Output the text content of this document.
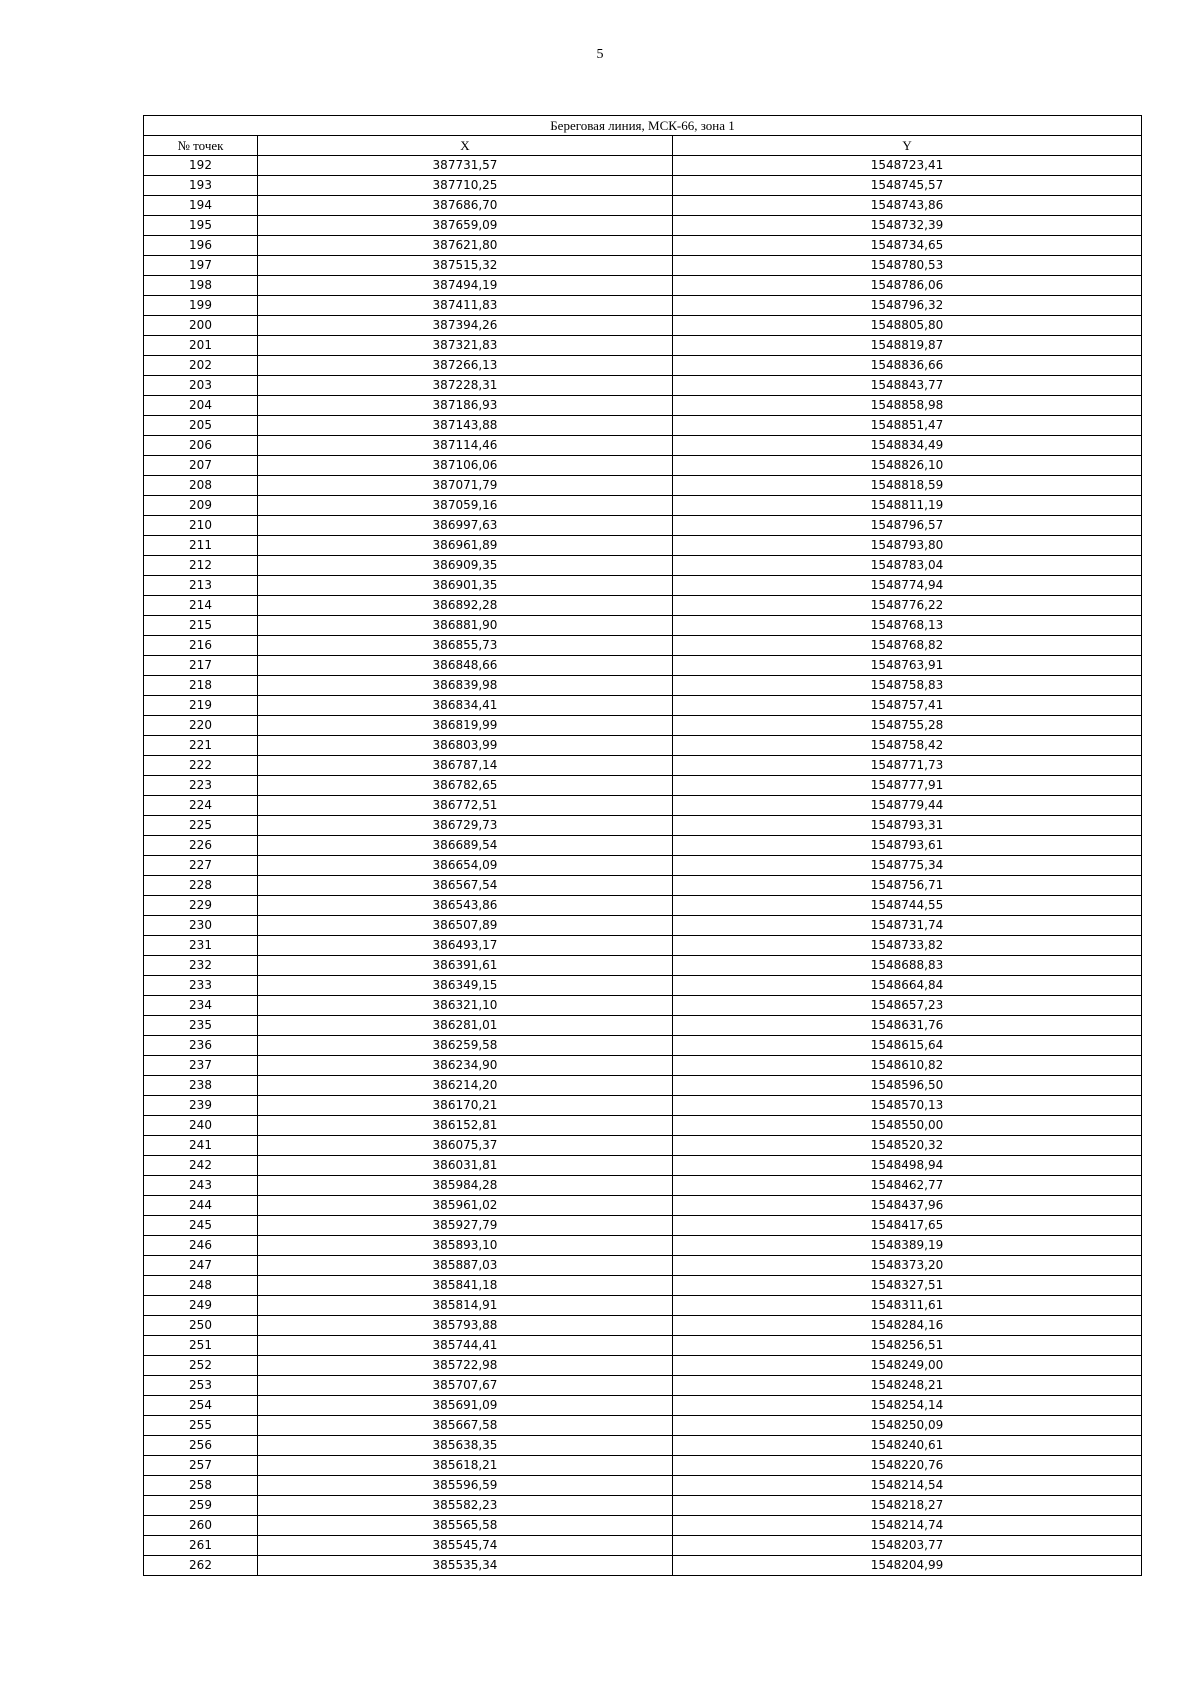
5
Береговая линия, МСК-66, зона 1		
№ точек	X	Y
192	387731,57	1548723,41
193	387710,25	1548745,57
194	387686,70	1548743,86
195	387659,09	1548732,39
196	387621,80	1548734,65
197	387515,32	1548780,53
198	387494,19	1548786,06
199	387411,83	1548796,32
200	387394,26	1548805,80
201	387321,83	1548819,87
202	387266,13	1548836,66
203	387228,31	1548843,77
204	387186,93	1548858,98
205	387143,88	1548851,47
206	387114,46	1548834,49
207	387106,06	1548826,10
208	387071,79	1548818,59
209	387059,16	1548811,19
210	386997,63	1548796,57
211	386961,89	1548793,80
212	386909,35	1548783,04
213	386901,35	1548774,94
214	386892,28	1548776,22
215	386881,90	1548768,13
216	386855,73	1548768,82
217	386848,66	1548763,91
218	386839,98	1548758,83
219	386834,41	1548757,41
220	386819,99	1548755,28
221	386803,99	1548758,42
222	386787,14	1548771,73
223	386782,65	1548777,91
224	386772,51	1548779,44
225	386729,73	1548793,31
226	386689,54	1548793,61
227	386654,09	1548775,34
228	386567,54	1548756,71
229	386543,86	1548744,55
230	386507,89	1548731,74
231	386493,17	1548733,82
232	386391,61	1548688,83
233	386349,15	1548664,84
234	386321,10	1548657,23
235	386281,01	1548631,76
236	386259,58	1548615,64
237	386234,90	1548610,82
238	386214,20	1548596,50
239	386170,21	1548570,13
240	386152,81	1548550,00
241	386075,37	1548520,32
242	386031,81	1548498,94
243	385984,28	1548462,77
244	385961,02	1548437,96
245	385927,79	1548417,65
246	385893,10	1548389,19
247	385887,03	1548373,20
248	385841,18	1548327,51
249	385814,91	1548311,61
250	385793,88	1548284,16
251	385744,41	1548256,51
252	385722,98	1548249,00
253	385707,67	1548248,21
254	385691,09	1548254,14
255	385667,58	1548250,09
256	385638,35	1548240,61
257	385618,21	1548220,76
258	385596,59	1548214,54
259	385582,23	1548218,27
260	385565,58	1548214,74
261	385545,74	1548203,77
262	385535,34	1548204,99
